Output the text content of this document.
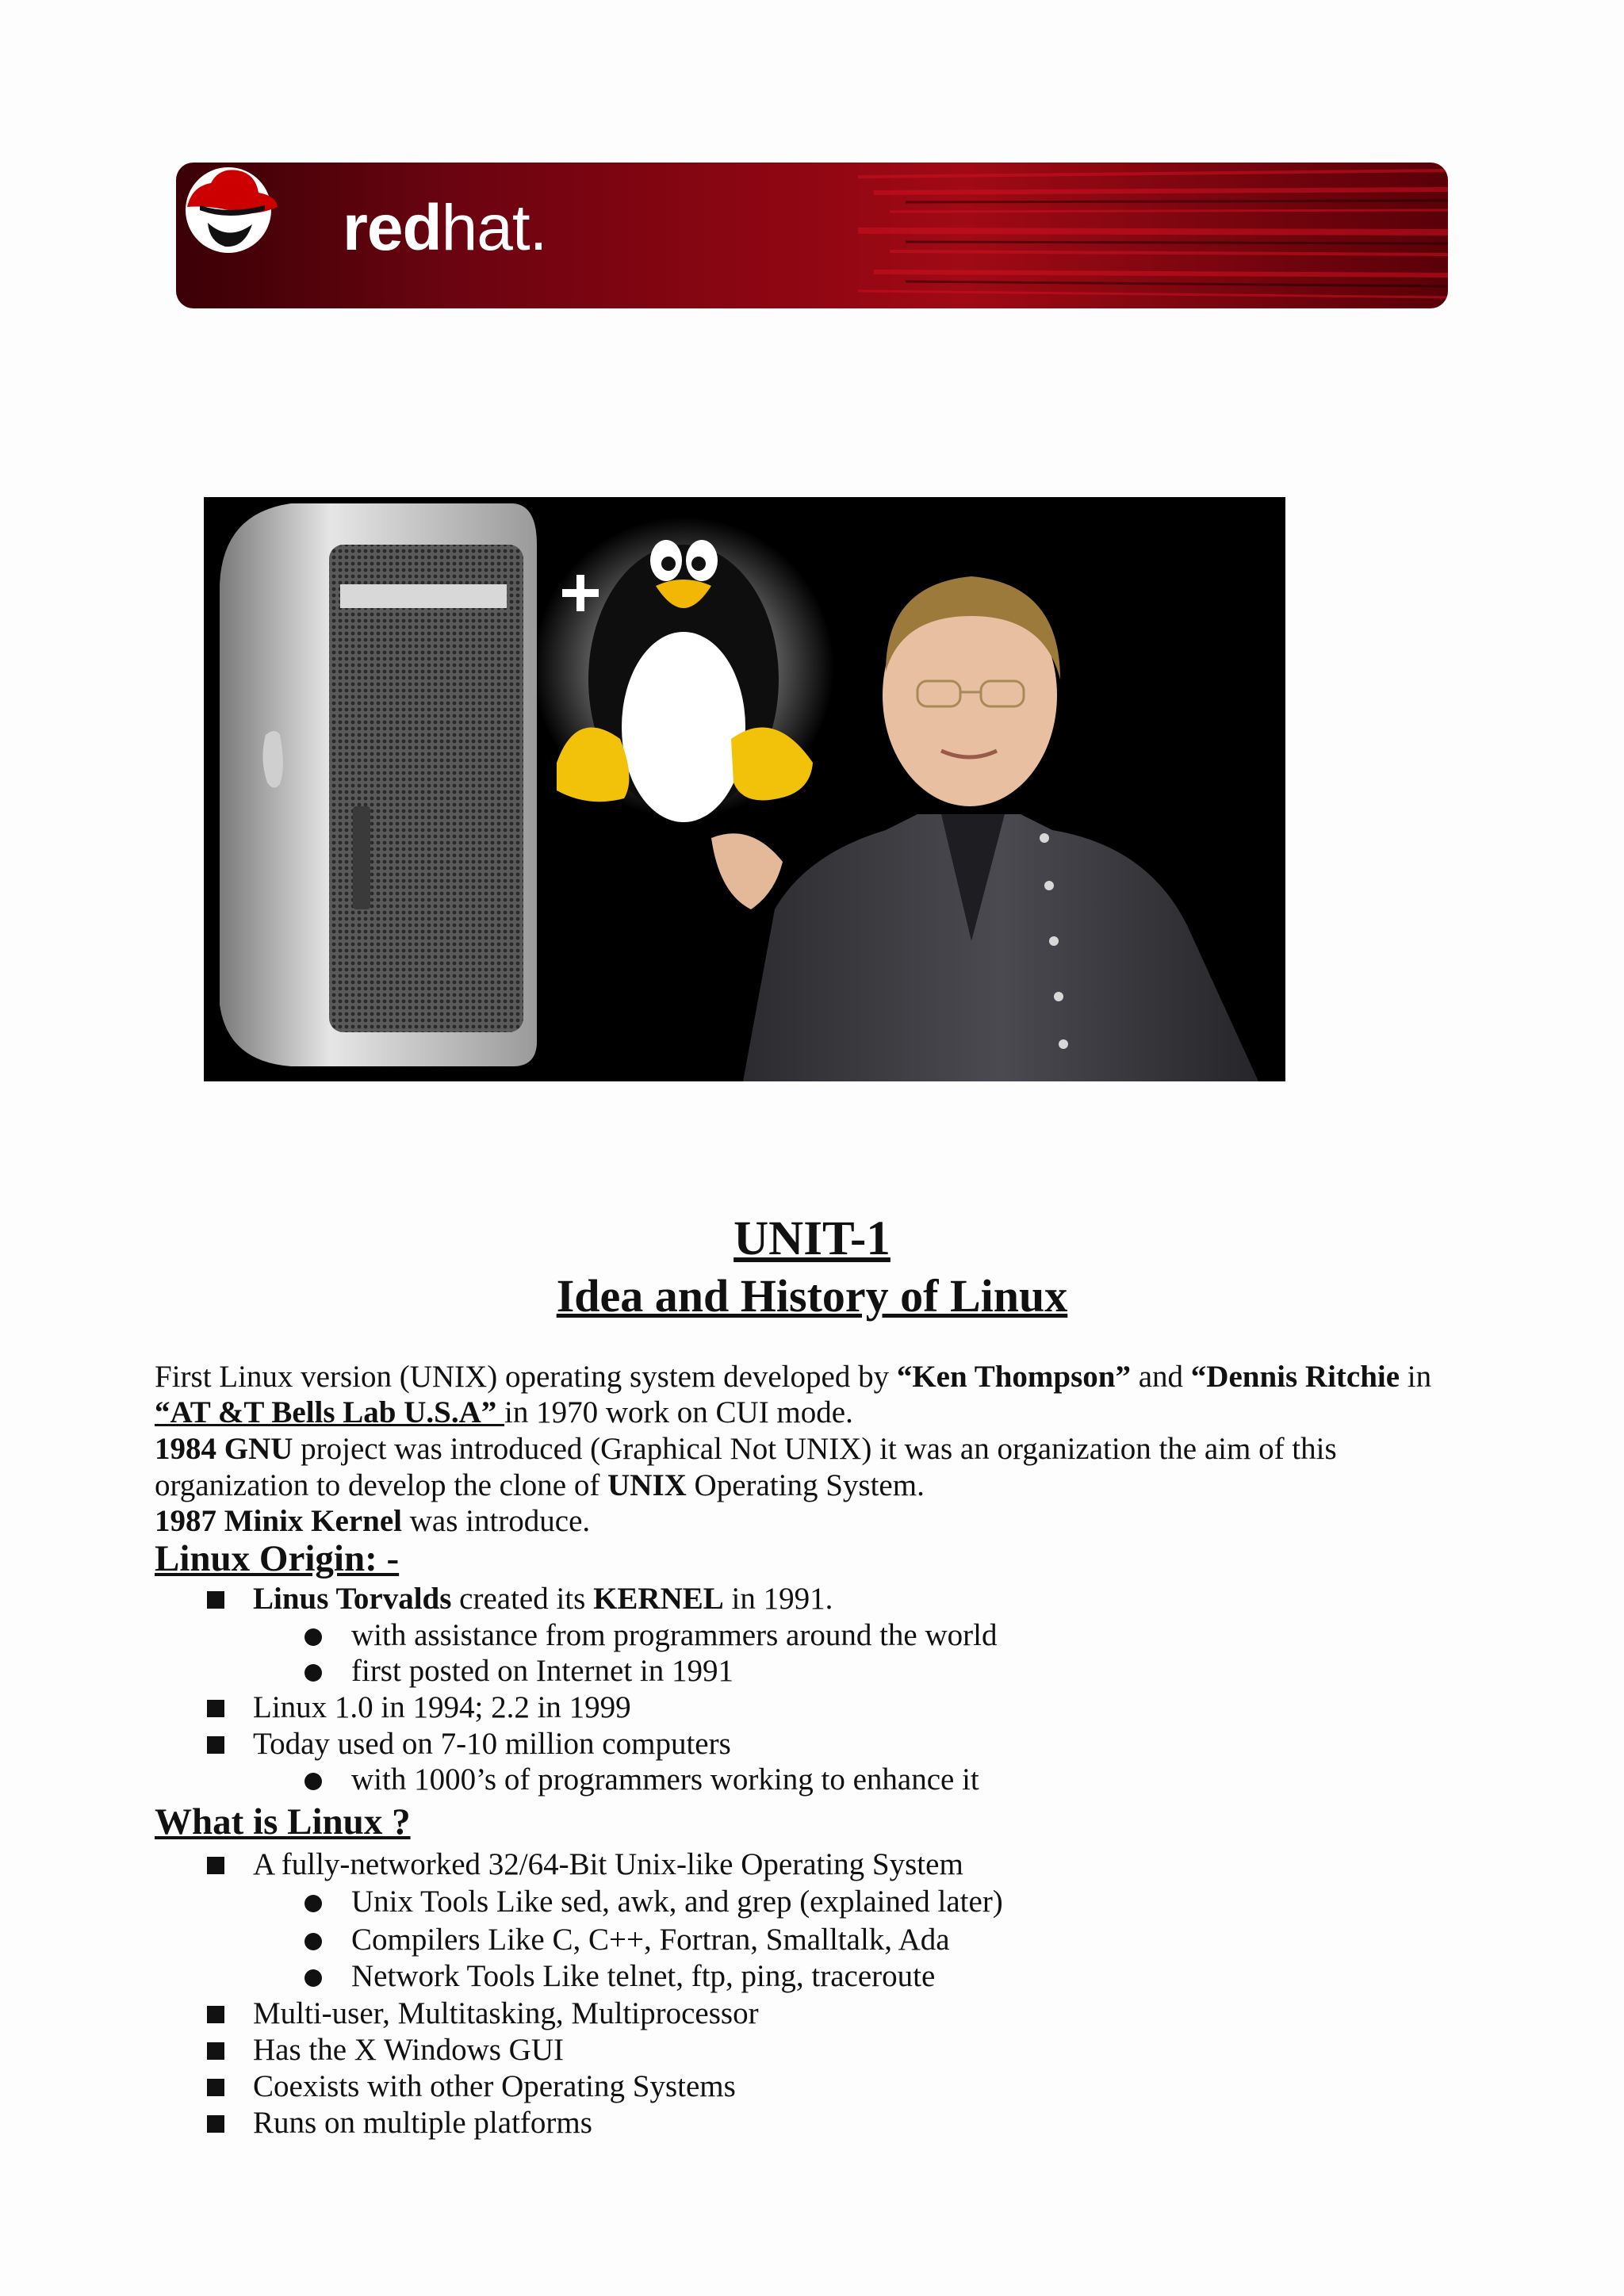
redhat.
UNIT-1
Idea and History of Linux
First Linux version (UNIX) operating system developed by “Ken Thompson” and “Dennis Ritchie in
“AT &T Bells Lab U.S.A” in 1970 work on CUI mode.
1984 GNU project was introduced (Graphical Not UNIX) it was an organization the aim of this
organization to develop the clone of UNIX Operating System.
1987 Minix Kernel was introduce.
Linux Origin: -
Linus Torvalds created its KERNEL in 1991.
with assistance from programmers around the world
first posted on Internet in 1991
Linux 1.0 in 1994; 2.2 in 1999
Today used on 7-10 million computers
with 1000’s of programmers working to enhance it
What is Linux ?
A fully-networked 32/64-Bit Unix-like Operating System
Unix Tools Like sed, awk, and grep (explained later)
Compilers Like C, C++, Fortran, Smalltalk, Ada
Network Tools Like telnet, ftp, ping, traceroute
Multi-user, Multitasking, Multiprocessor
Has the X Windows GUI
Coexists with other Operating Systems
Runs on multiple platforms
